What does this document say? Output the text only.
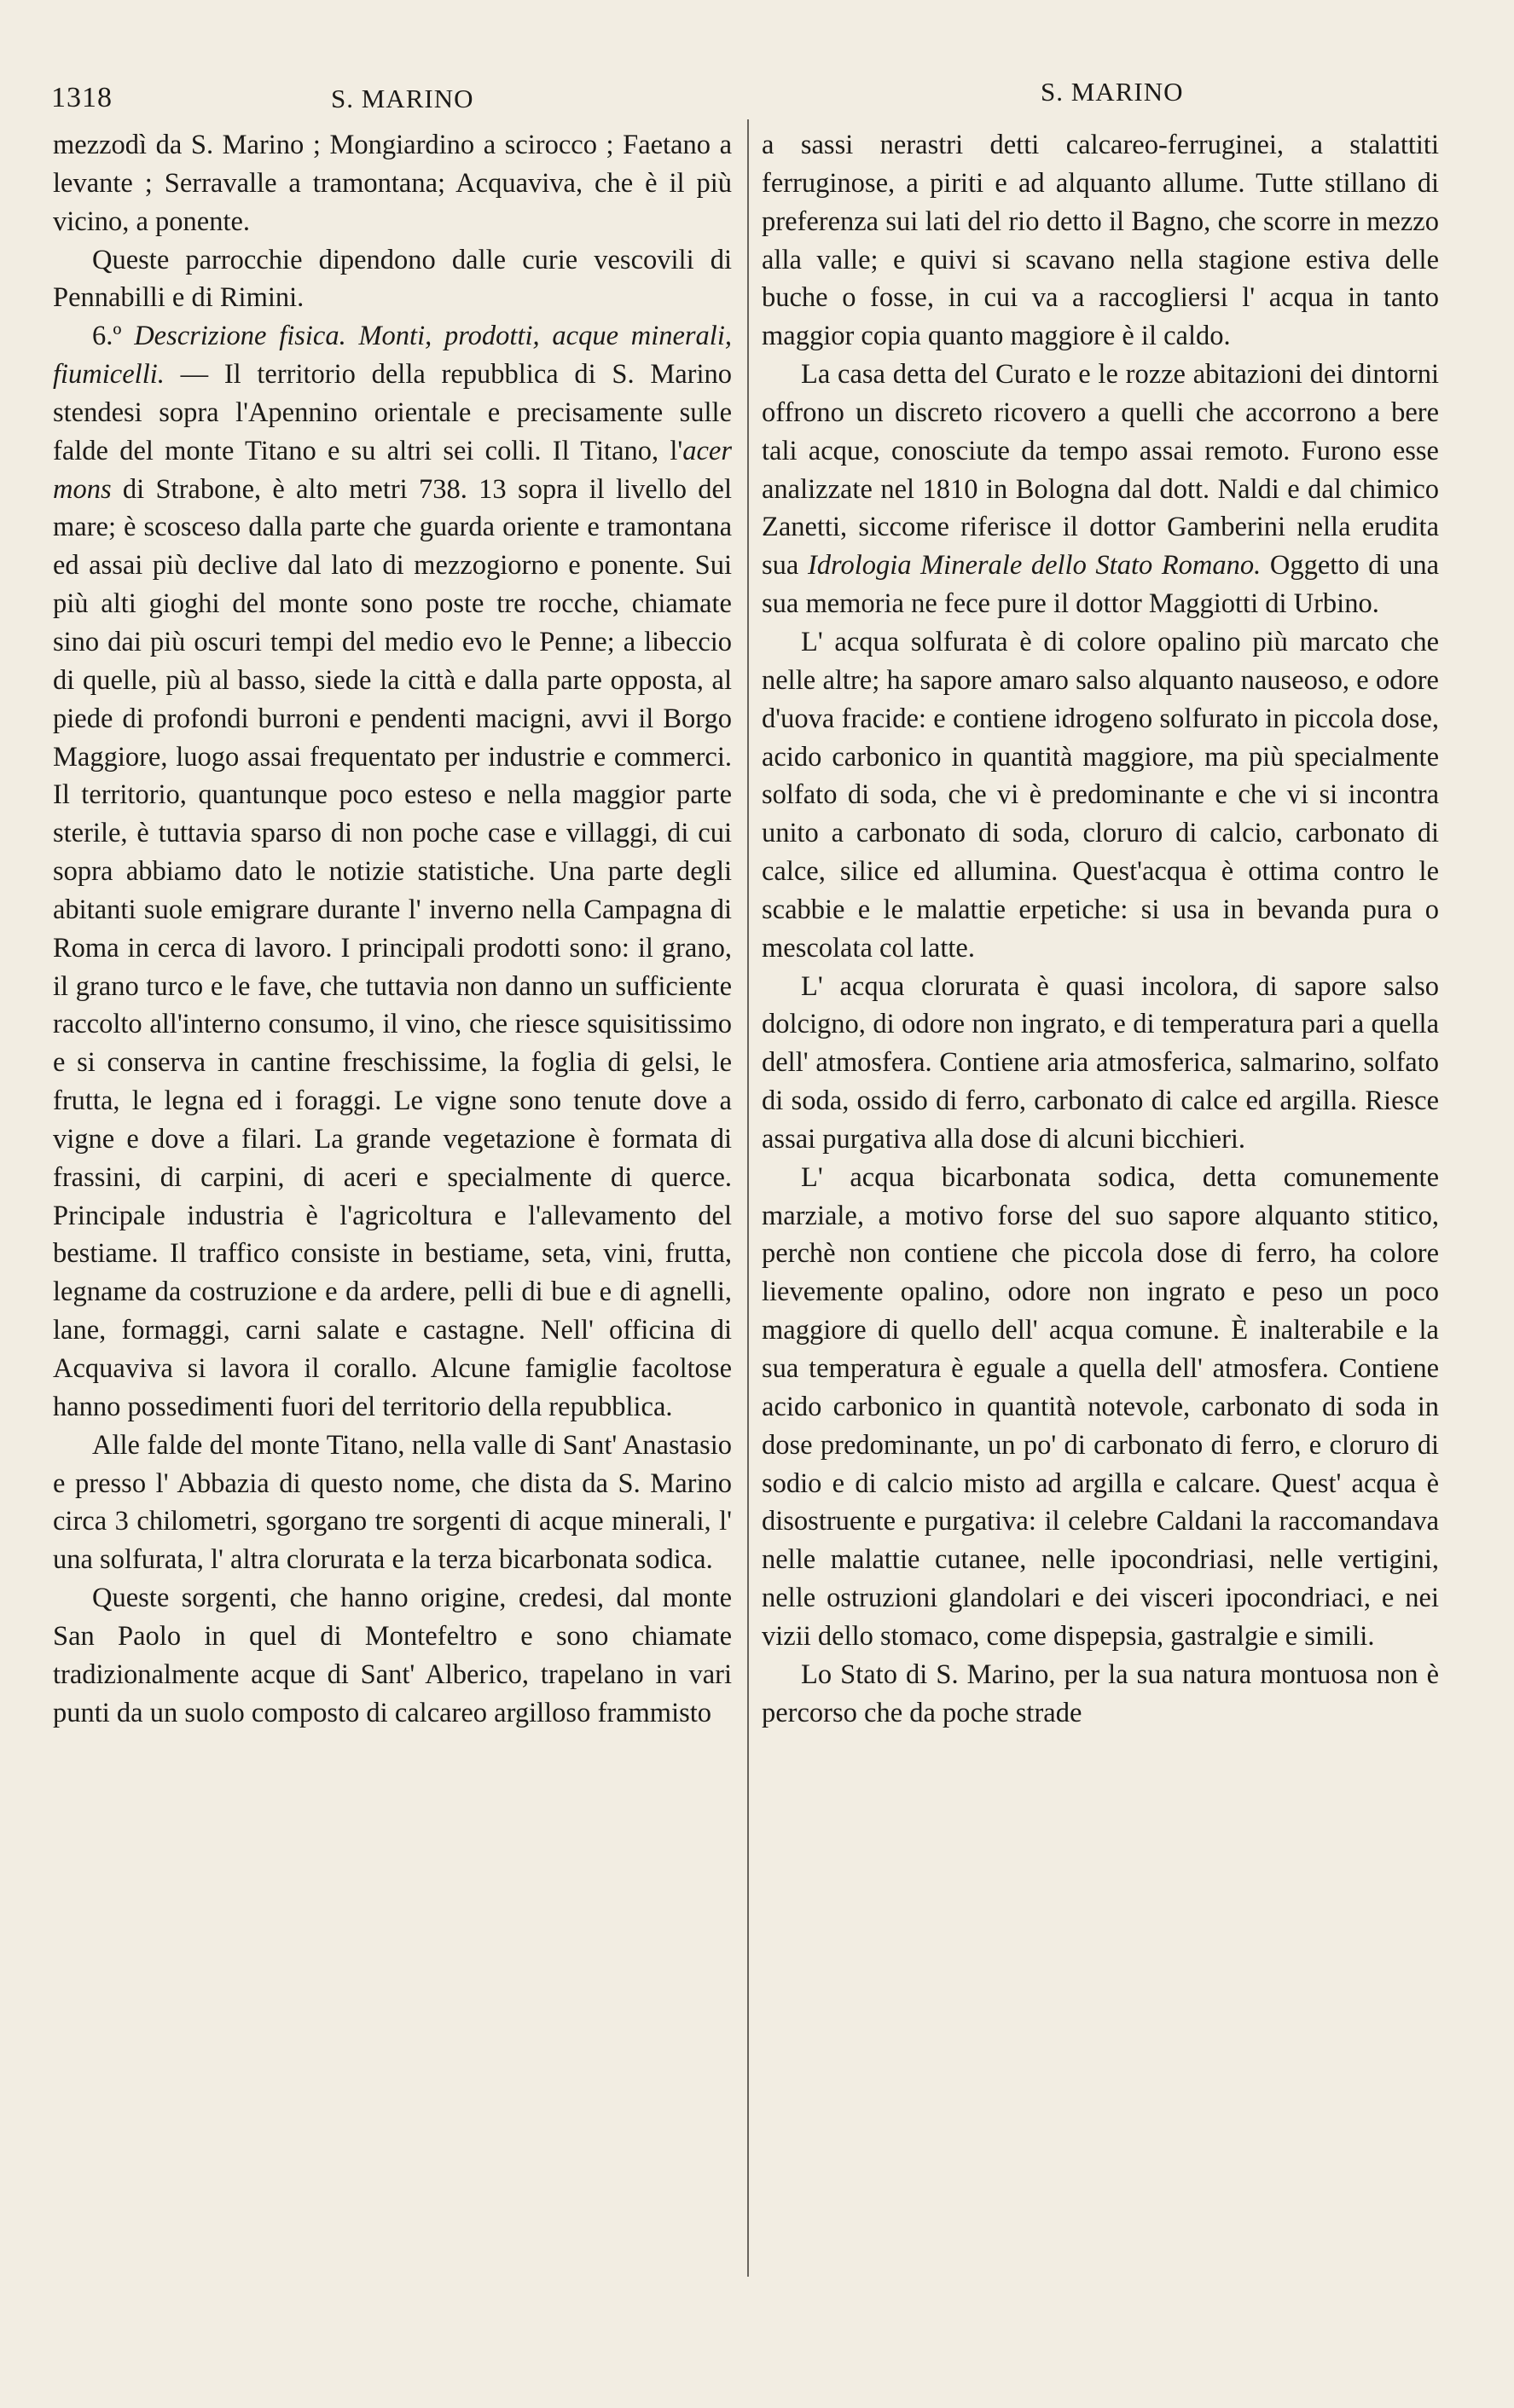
1318	S. MARINO	S. MARINO

mezzodì da S. Marino ; Mongiardino a scirocco ; Faetano a levante ; Serravalle a tramontana; Acquaviva, che è il più vicino, a ponente.

Queste parrocchie dipendono dalle curie vescovili di Pennabilli e di Rimini.

6.º Descrizione fisica. Monti, prodotti, acque minerali, fiumicelli. — Il territorio della repubblica di S. Marino stendesi sopra l'Apennino orientale e precisamente sulle falde del monte Titano e su altri sei colli. Il Titano, l'acer mons di Strabone, è alto metri 738. 13 sopra il livello del mare; è scosceso dalla parte che guarda oriente e tramontana ed assai più declive dal lato di mezzogiorno e ponente. Sui più alti gioghi del monte sono poste tre rocche, chiamate sino dai più oscuri tempi del medio evo le Penne; a libeccio di quelle, più al basso, siede la città e dalla parte opposta, al piede di profondi burroni e pendenti macigni, avvi il Borgo Maggiore, luogo assai frequentato per industrie e commerci. Il territorio, quantunque poco esteso e nella maggior parte sterile, è tuttavia sparso di non poche case e villaggi, di cui sopra abbiamo dato le notizie statistiche. Una parte degli abitanti suole emigrare durante l' inverno nella Campagna di Roma in cerca di lavoro. I principali prodotti sono: il grano, il grano turco e le fave, che tuttavia non danno un sufficiente raccolto all'interno consumo, il vino, che riesce squisitissimo e si conserva in cantine freschissime, la foglia di gelsi, le frutta, le legna ed i foraggi. Le vigne sono tenute dove a vigne e dove a filari. La grande vegetazione è formata di frassini, di carpini, di aceri e specialmente di querce. Principale industria è l'agricoltura e l'allevamento del bestiame. Il traffico consiste in bestiame, seta, vini, frutta, legname da costruzione e da ardere, pelli di bue e di agnelli, lane, formaggi, carni salate e castagne. Nell' officina di Acquaviva si lavora il corallo. Alcune famiglie facoltose hanno possedimenti fuori del territorio della repubblica.

Alle falde del monte Titano, nella valle di Sant' Anastasio e presso l' Abbazia di questo nome, che dista da S. Marino circa 3 chilometri, sgorgano tre sorgenti di acque minerali, l' una solfurata, l' altra clorurata e la terza bicarbonata sodica.

Queste sorgenti, che hanno origine, credesi, dal monte San Paolo in quel di Montefeltro e sono chiamate tradizionalmente acque di Sant' Alberico, trapelano in vari punti da un suolo composto di calcareo argilloso frammisto

a sassi nerastri detti calcareo-ferruginei, a stalattiti ferruginose, a piriti e ad alquanto allume. Tutte stillano di preferenza sui lati del rio detto il Bagno, che scorre in mezzo alla valle; e quivi si scavano nella stagione estiva delle buche o fosse, in cui va a raccogliersi l' acqua in tanto maggior copia quanto maggiore è il caldo.

La casa detta del Curato e le rozze abitazioni dei dintorni offrono un discreto ricovero a quelli che accorrono a bere tali acque, conosciute da tempo assai remoto. Furono esse analizzate nel 1810 in Bologna dal dott. Naldi e dal chimico Zanetti, siccome riferisce il dottor Gamberini nella erudita sua Idrologia Minerale dello Stato Romano. Oggetto di una sua memoria ne fece pure il dottor Maggiotti di Urbino.

L' acqua solfurata è di colore opalino più marcato che nelle altre; ha sapore amaro salso alquanto nauseoso, e odore d'uova fracide: e contiene idrogeno solfurato in piccola dose, acido carbonico in quantità maggiore, ma più specialmente solfato di soda, che vi è predominante e che vi si incontra unito a carbonato di soda, cloruro di calcio, carbonato di calce, silice ed allumina. Quest'acqua è ottima contro le scabbie e le malattie erpetiche: si usa in bevanda pura o mescolata col latte.

L' acqua clorurata è quasi incolora, di sapore salso dolcigno, di odore non ingrato, e di temperatura pari a quella dell' atmosfera. Contiene aria atmosferica, salmarino, solfato di soda, ossido di ferro, carbonato di calce ed argilla. Riesce assai purgativa alla dose di alcuni bicchieri.

L' acqua bicarbonata sodica, detta comunemente marziale, a motivo forse del suo sapore alquanto stitico, perchè non contiene che piccola dose di ferro, ha colore lievemente opalino, odore non ingrato e peso un poco maggiore di quello dell' acqua comune. È inalterabile e la sua temperatura è eguale a quella dell' atmosfera. Contiene acido carbonico in quantità notevole, carbonato di soda in dose predominante, un po' di carbonato di ferro, e cloruro di sodio e di calcio misto ad argilla e calcare. Quest' acqua è disostruente e purgativa: il celebre Caldani la raccomandava nelle malattie cutanee, nelle ipocondriasi, nelle vertigini, nelle ostruzioni glandolari e dei visceri ipocondriaci, e nei vizii dello stomaco, come dispepsia, gastralgie e simili.

Lo Stato di S. Marino, per la sua natura montuosa non è percorso che da poche strade
